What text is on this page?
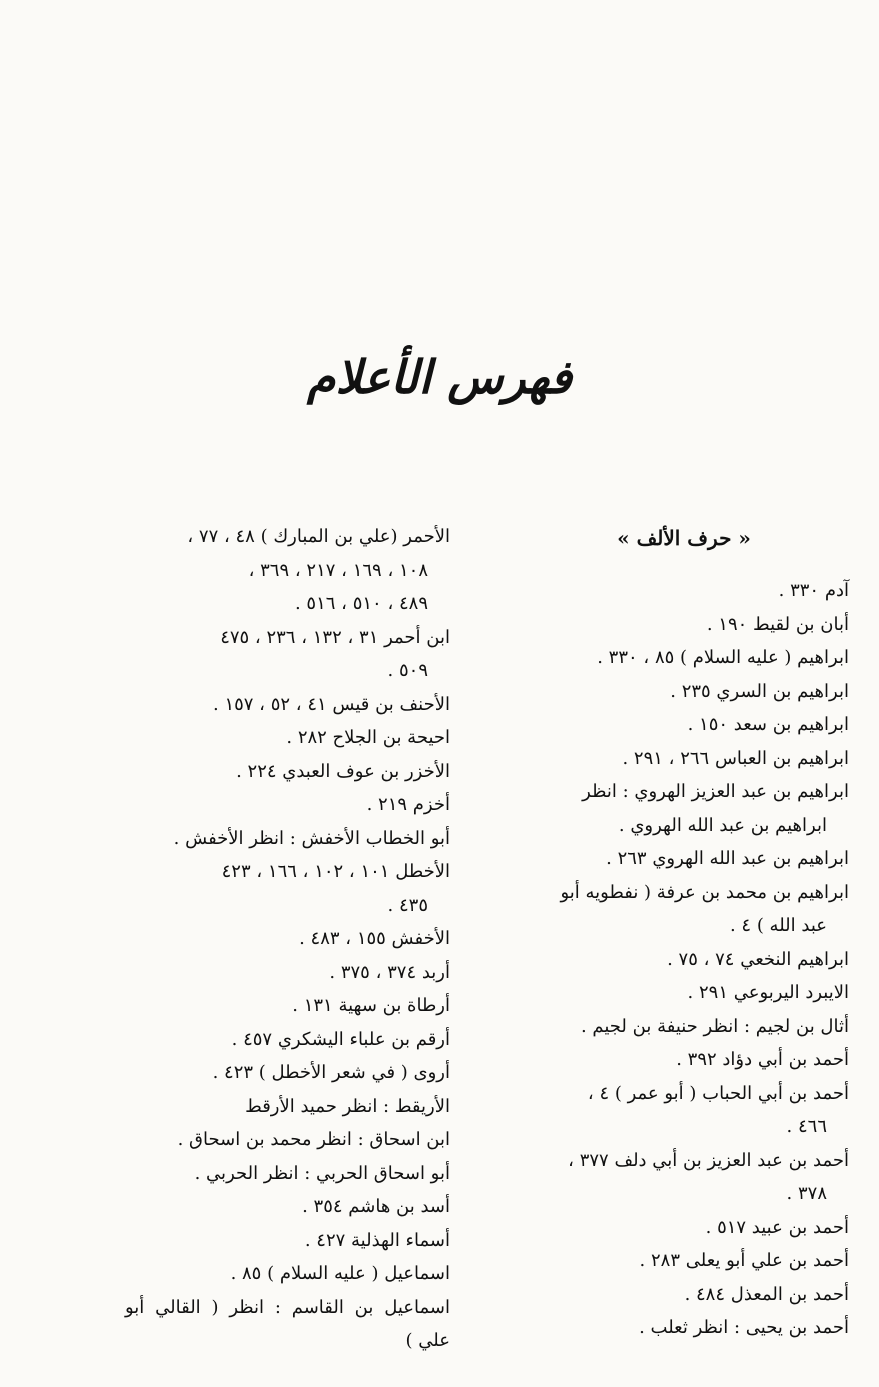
فهرس الأعلام
« حرف الألف »
آدم ٣٣٠ .
أبان بن لقيط ١٩٠ .
ابراهيم ( عليه السلام ) ٨٥ ، ٣٣٠ .
ابراهيم بن السري ٢٣٥ .
ابراهيم بن سعد ١٥٠ .
ابراهيم بن العباس ٢٦٦ ، ٢٩١ .
ابراهيم بن عبد العزيز الهروي : انظر
ابراهيم بن عبد الله الهروي .
ابراهيم بن عبد الله الهروي ٢٦٣ .
ابراهيم بن محمد بن عرفة ( نفطويه أبو
عبد الله ) ٤ .
ابراهيم النخعي ٧٤ ، ٧٥ .
الايبرد اليربوعي ٢٩١ .
أثال بن لجيم : انظر حنيفة بن لجيم .
أحمد بن أبي دؤاد ٣٩٢ .
أحمد بن أبي الحباب ( أبو عمر ) ٤ ،
٤٦٦ .
أحمد بن عبد العزيز بن أبي دلف ٣٧٧ ،
٣٧٨ .
أحمد بن عبيد ٥١٧ .
أحمد بن علي أبو يعلى ٢٨٣ .
أحمد بن المعذل ٤٨٤ .
أحمد بن يحيى : انظر ثعلب .
الأحمر (علي بن المبارك ) ٤٨ ، ٧٧ ،
١٠٨ ، ١٦٩ ، ٢١٧ ، ٣٦٩ ،
٤٨٩ ، ٥١٠ ، ٥١٦ .
ابن أحمر ٣١ ، ١٣٢ ، ٢٣٦ ، ٤٧٥
٥٠٩ .
الأحنف بن قيس ٤١ ، ٥٢ ، ١٥٧ .
احيحة بن الجلاح ٢٨٢ .
الأخزر بن عوف العبدي ٢٢٤ .
أخزم ٢١٩ .
أبو الخطاب الأخفش : انظر الأخفش .
الأخطل ١٠١ ، ١٠٢ ، ١٦٦ ، ٤٢٣
٤٣٥ .
الأخفش ١٥٥ ، ٤٨٣ .
أربد ٣٧٤ ، ٣٧٥ .
أرطاة بن سهية ١٣١ .
أرقم بن علباء اليشكري ٤٥٧ .
أروى ( في شعر الأخطل ) ٤٢٣ .
الأريقط : انظر حميد الأرقط
ابن اسحاق : انظر محمد بن اسحاق .
أبو اسحاق الحربي : انظر الحربي .
أسد بن هاشم ٣٥٤ .
أسماء الهذلية ٤٢٧ .
اسماعيل ( عليه السلام ) ٨٥ .
اسماعيل بن القاسم : انظر ( القالي أبو علي )
